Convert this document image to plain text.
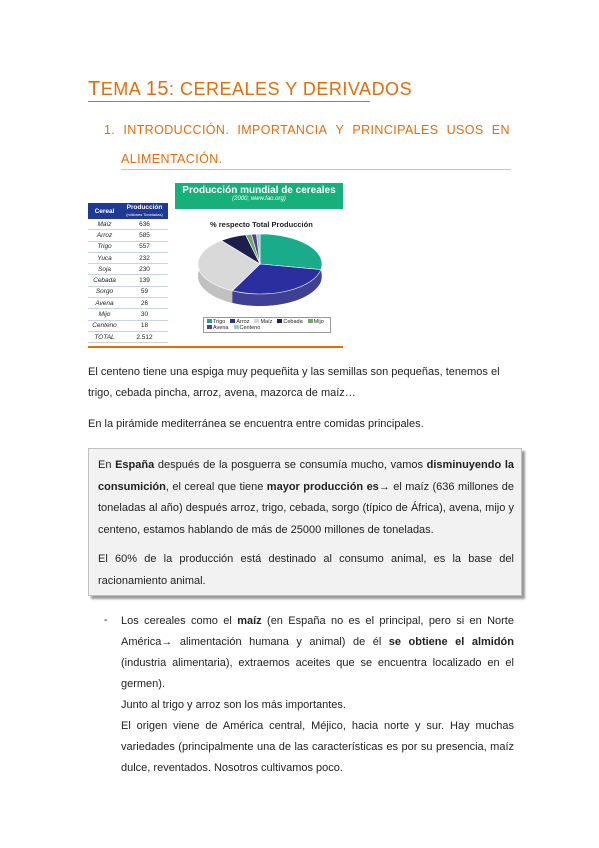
TEMA 15: CEREALES Y DERIVADOS
1. INTRODUCCIÓN. IMPORTANCIA Y PRINCIPALES USOS EN
ALIMENTACIÓN.
Cereal	Producción
(millones Toneladas)
Maíz	636
Arroz	585
Trigo	557
Yuca	232
Soja	230
Cebada	139
Sorgo	59
Avena	26
Mijo	30
Centeno	18
TOTAL	2.512
Producción mundial de cereales
(2000; www.fao.org)
% respecto Total Producción
Trigo	Arroz	Maíz	Cebada	Mijo
Avena	Centeno

El centeno tiene una espiga muy pequeñita y las semillas son pequeñas, tenemos el trigo, cebada pincha, arroz, avena, mazorca de maíz…

En la pirámide mediterránea se encuentra entre comidas principales.

En España después de la posguerra se consumía mucho, vamos disminuyendo la consumición, el cereal que tiene mayor producción es→ el maíz (636 millones de toneladas al año) después arroz, trigo, cebada, sorgo (típico de África), avena, mijo y centeno, estamos hablando de más de 25000 millones de toneladas.

El 60% de la producción está destinado al consumo animal, es la base del racionamiento animal.

- Los cereales como el maíz (en España no es el principal, pero si en Norte América→ alimentación humana y animal) de él se obtiene el almidón (industria alimentaria), extraemos aceites que se encuentra localizado en el germen).

Junto al trigo y arroz son los más importantes.

El origen viene de América central, Méjico, hacia norte y sur. Hay muchas variedades (principalmente una de las características es por su presencia, maíz dulce, reventados. Nosotros cultivamos poco.
